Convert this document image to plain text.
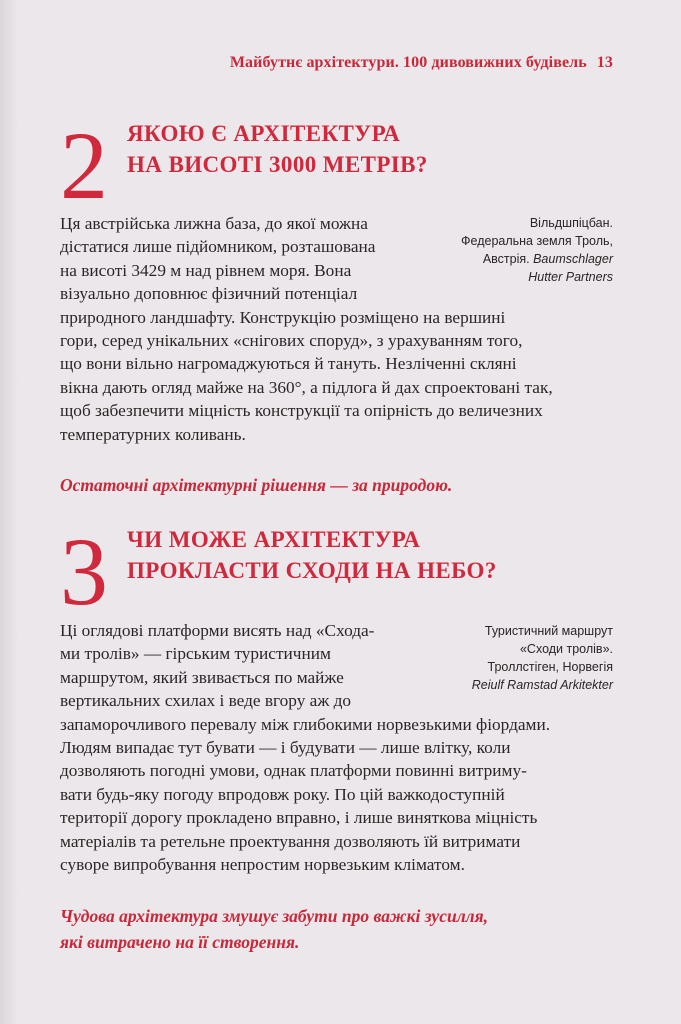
Майбутнє архітектури. 100 дивовижних будівель 13
2 ЯКОЮ Є АРХІТЕКТУРА
НА ВИСОТІ 3000 МЕТРІВ?
Вільдшпіцбан.
Федеральна земля Троль,
Австрія. Baumschlager
Hutter Partners
Ця австрійська лижна база, до якої можна
дістатися лише підйомником, розташована
на висоті 3429 м над рівнем моря. Вона
візуально доповнює фізичний потенціал
природного ландшафту. Конструкцію розміщено на вершині
гори, серед унікальних «снігових споруд», з урахуванням того,
що вони вільно нагромаджуються й тануть. Незліченні скляні
вікна дають огляд майже на 360°, а підлога й дах спроектовані так,
щоб забезпечити міцність конструкції та опірність до величезних
температурних коливань.
Остаточні архітектурні рішення — за природою.
3 ЧИ МОЖЕ АРХІТЕКТУРА
ПРОКЛАСТИ СХОДИ НА НЕБО?
Туристичний маршрут
«Сходи тролів».
Троллстіген, Норвегія
Reiulf Ramstad Arkitekter
Ці оглядові платформи висять над «Схода-
ми тролів» — гірським туристичним
маршрутом, який звивається по майже
вертикальних схилах і веде вгору аж до
запаморочливого перевалу між глибокими норвезькими фіордами.
Людям випадає тут бувати — і будувати — лише влітку, коли
дозволяють погодні умови, однак платформи повинні витриму-
вати будь-яку погоду впродовж року. По цій важкодоступній
території дорогу прокладено вправно, і лише виняткова міцність
матеріалів та ретельне проектування дозволяють їй витримати
суворе випробування непростим норвезьким кліматом.
Чудова архітектура змушує забути про важкі зусилля,
які витрачено на її створення.
